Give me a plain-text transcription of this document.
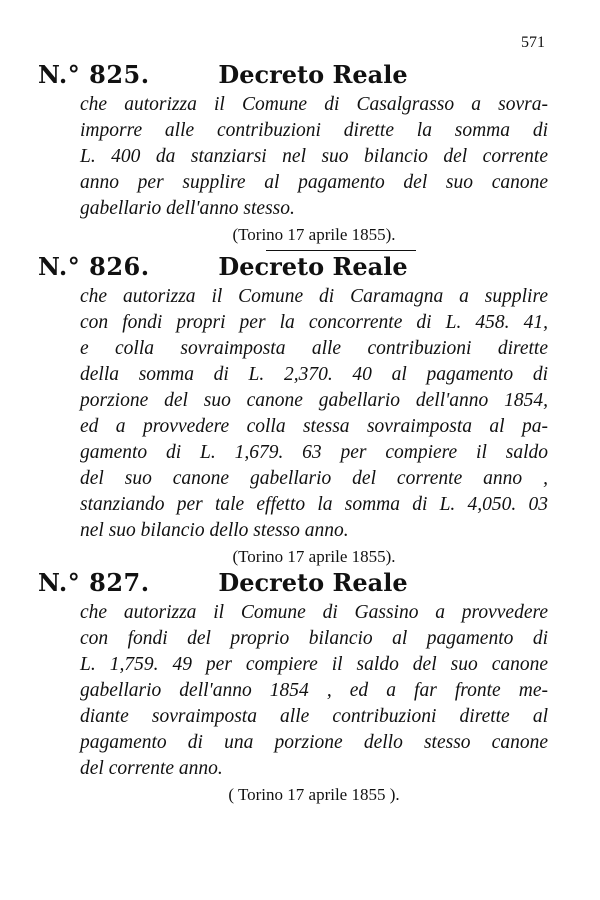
571
N.° 825.	Decreto Reale
che autorizza il Comune di Casalgrasso a sovra-
imporre alle contribuzioni dirette la somma di
L. 400 da stanziarsi nel suo bilancio del corrente
anno per supplire al pagamento del suo canone
gabellario dell'anno stesso.
(Torino 17 aprile 1855).
N.° 826.	Decreto Reale
che autorizza il Comune di Caramagna a supplire
con fondi propri per la concorrente di L. 458. 41,
e colla sovraimposta alle contribuzioni dirette
della somma di L. 2,370. 40 al pagamento di
porzione del suo canone gabellario dell'anno 1854,
ed a provvedere colla stessa sovraimposta al pa-
gamento di L. 1,679. 63 per compiere il saldo
del suo canone gabellario del corrente anno ,
stanziando per tale effetto la somma di L. 4,050. 03
nel suo bilancio dello stesso anno.
(Torino 17 aprile 1855).
N.° 827.	Decreto Reale
che autorizza il Comune di Gassino a provvedere
con fondi del proprio bilancio al pagamento di
L. 1,759. 49 per compiere il saldo del suo canone
gabellario dell'anno 1854 , ed a far fronte me-
diante sovraimposta alle contribuzioni dirette al
pagamento di una porzione dello stesso canone
del corrente anno.
( Torino 17 aprile 1855 ).
